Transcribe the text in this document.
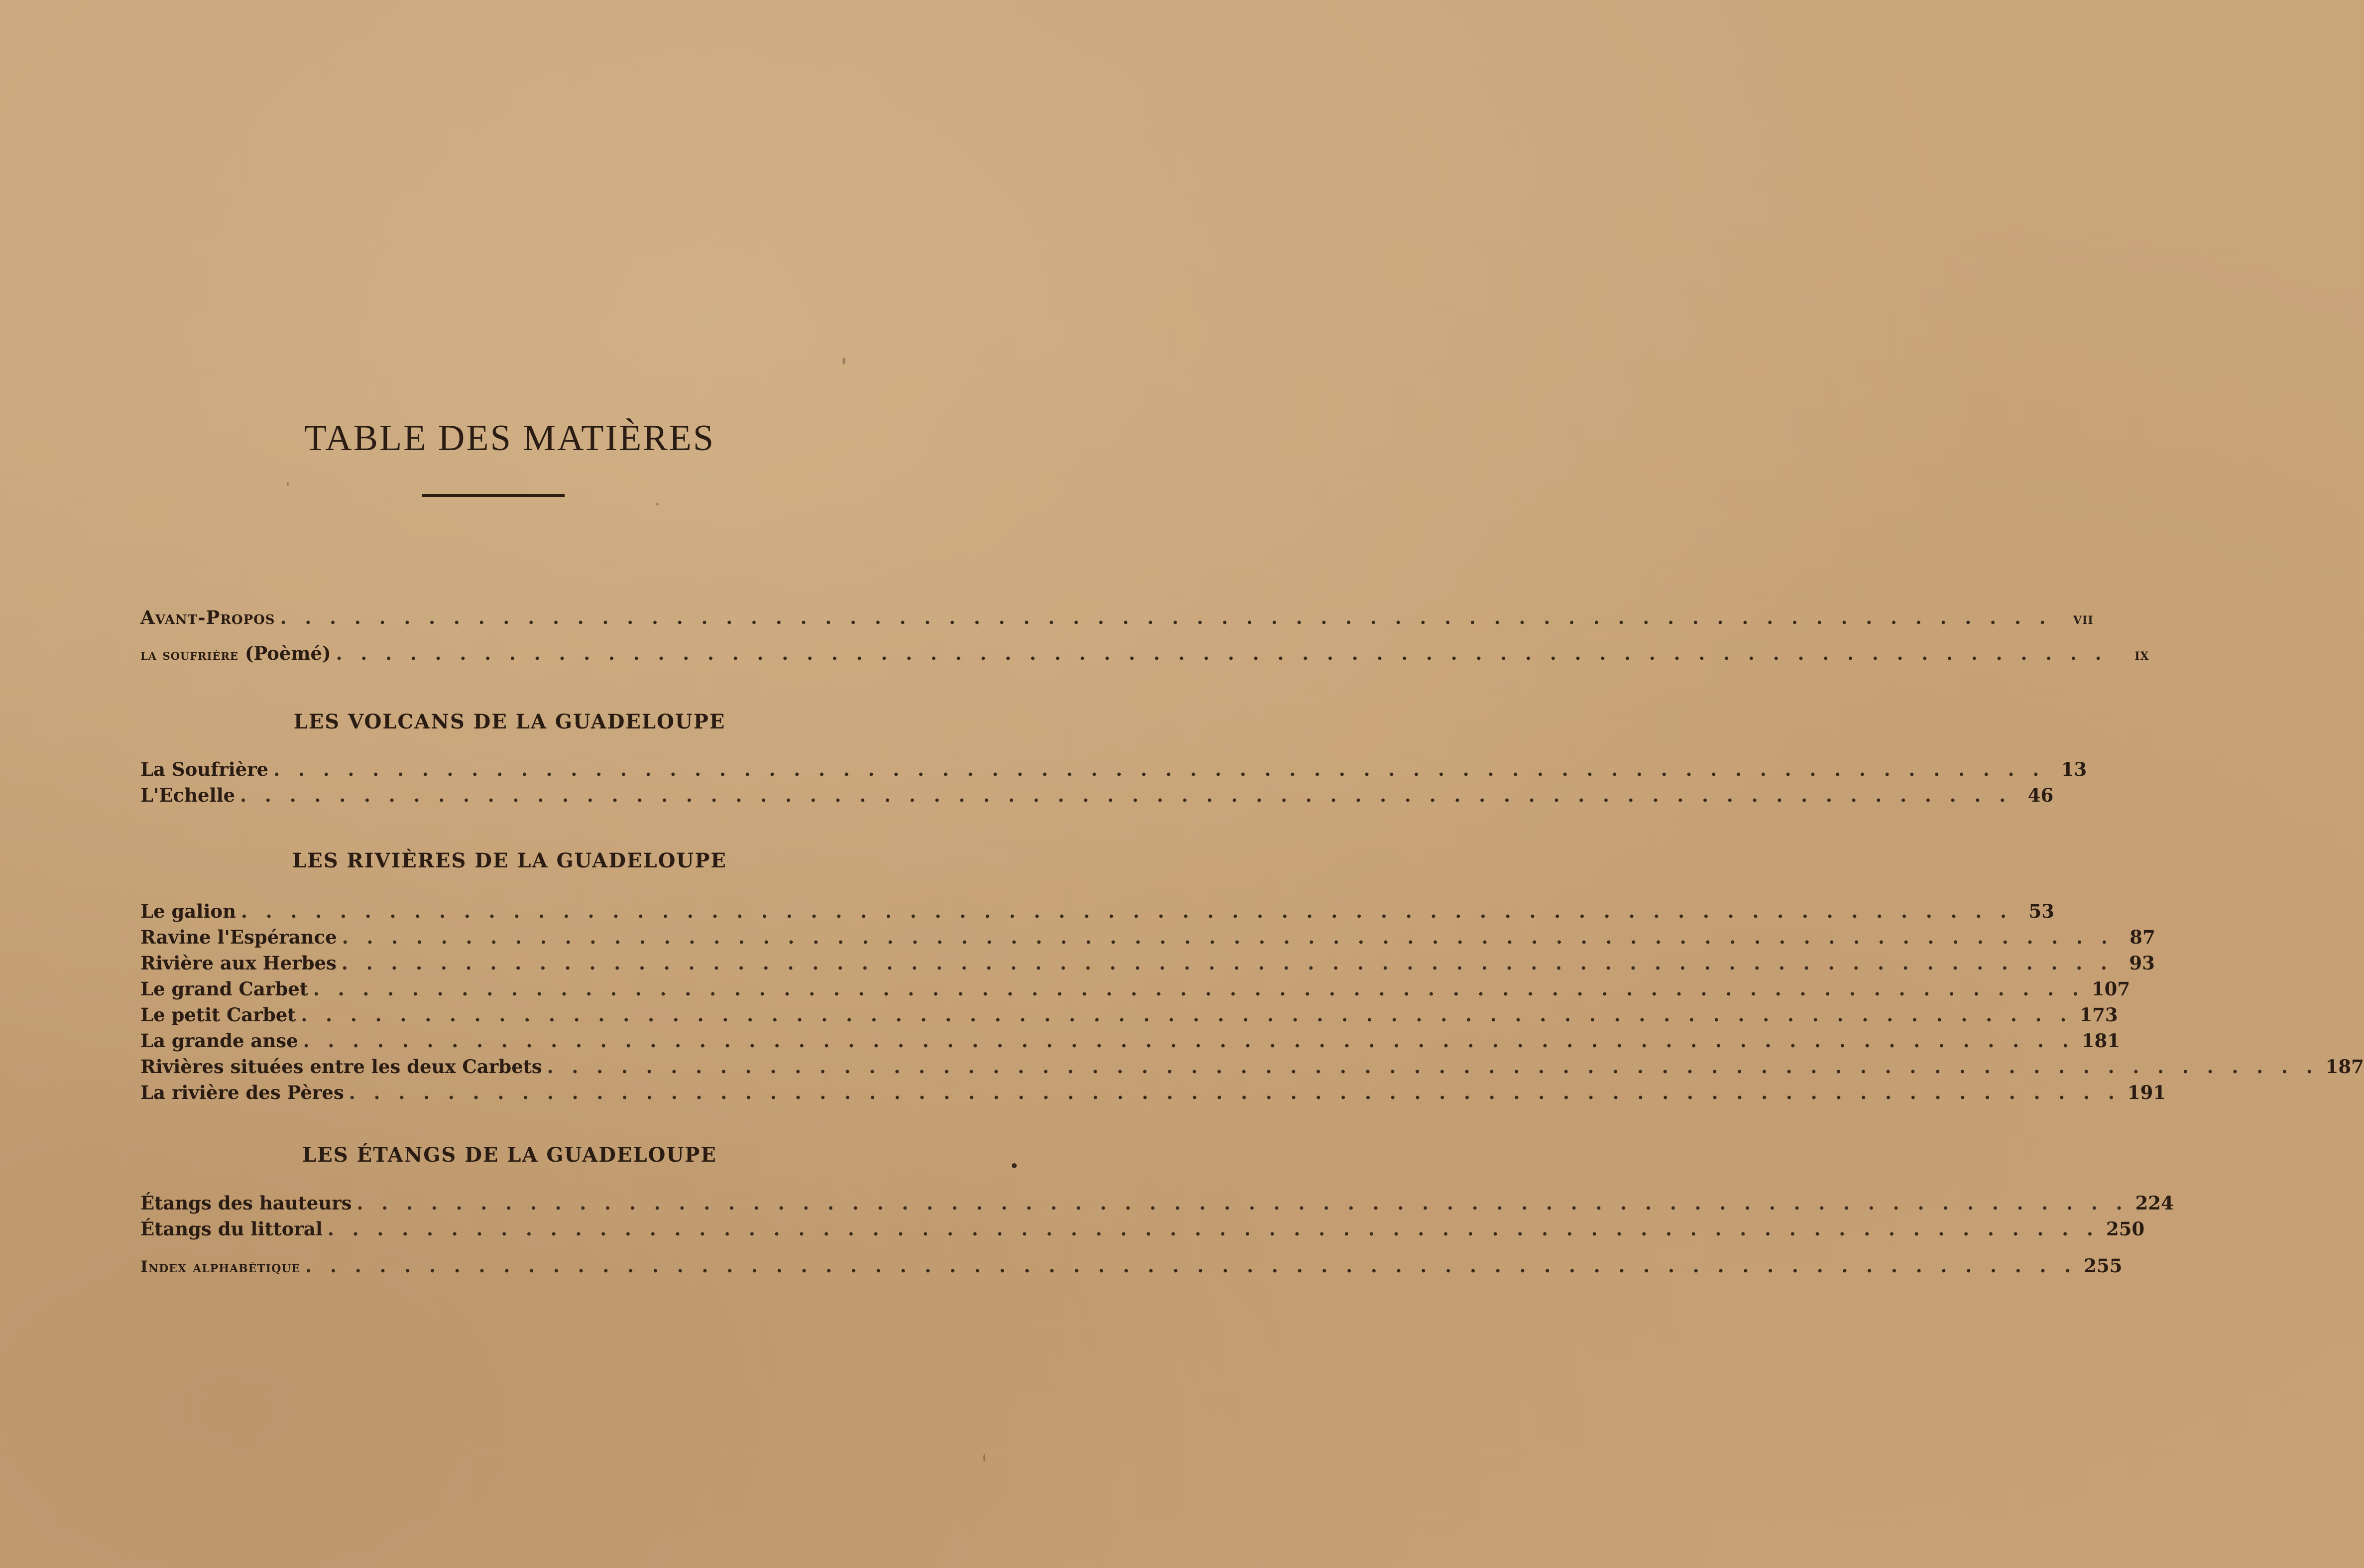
TABLE DES MATIÈRES
Avant-Propos . . . . . . . . . . . . . . . . . . . . . . . . . . . . . . . . . . . . . . . . . . . . . . . . . . . . . . . . . . . . . . . . . . . . . . . .	vii
la soufrière (Poèmé) . . . . . . . . . . . . . . . . . . . . . . . . . . . . . . . . . . . . . . . . . . . . . . . . . . . . . . . . . . . . . . . . . . . . . . . .	ix
LES VOLCANS DE LA GUADELOUPE
La Soufrière . . . . . . . . . . . . . . . . . . . . . . . . . . . . . . . . . . . . . . . . . . . . . . . . . . . . . . . . . . . . . . . . . . . . . . . . 13
L'Echelle . . . . . . . . . . . . . . . . . . . . . . . . . . . . . . . . . . . . . . . . . . . . . . . . . . . . . . . . . . . . . . . . . . . . . . . . 46
LES RIVIÈRES DE LA GUADELOUPE
Le galion . . . . . . . . . . . . . . . . . . . . . . . . . . . . . . . . . . . . . . . . . . . . . . . . . . . . . . . . . . . . . . . . . . . . . . . . 53
Ravine l'Espérance . . . . . . . . . . . . . . . . . . . . . . . . . . . . . . . . . . . . . . . . . . . . . . . . . . . . . . . . . . . . . . . . . . . . . . . . 87
Rivière aux Herbes . . . . . . . . . . . . . . . . . . . . . . . . . . . . . . . . . . . . . . . . . . . . . . . . . . . . . . . . . . . . . . . . . . . . . . . . 93
Le grand Carbet . . . . . . . . . . . . . . . . . . . . . . . . . . . . . . . . . . . . . . . . . . . . . . . . . . . . . . . . . . . . . . . . . . . . . . . . 107
Le petit Carbet . . . . . . . . . . . . . . . . . . . . . . . . . . . . . . . . . . . . . . . . . . . . . . . . . . . . . . . . . . . . . . . . . . . . . . . . 173
La grande anse . . . . . . . . . . . . . . . . . . . . . . . . . . . . . . . . . . . . . . . . . . . . . . . . . . . . . . . . . . . . . . . . . . . . . . . . 181
Rivières situées entre les deux Carbets . . . . . . . . . . . . . . . . . . . . . . . . . . . . . . . . . . . . . . . . . . . . . . . . . . . . . . . . . . . . . . . . . . . . . . . . 187
La rivière des Pères . . . . . . . . . . . . . . . . . . . . . . . . . . . . . . . . . . . . . . . . . . . . . . . . . . . . . . . . . . . . . . . . . . . . . . . . 191
LES ÉTANGS DE LA GUADELOUPE
Étangs des hauteurs . . . . . . . . . . . . . . . . . . . . . . . . . . . . . . . . . . . . . . . . . . . . . . . . . . . . . . . . . . . . . . . . . . . . . . . . 224
Étangs du littoral . . . . . . . . . . . . . . . . . . . . . . . . . . . . . . . . . . . . . . . . . . . . . . . . . . . . . . . . . . . . . . . . . . . . . . . . 250
Index alphabétique . . . . . . . . . . . . . . . . . . . . . . . . . . . . . . . . . . . . . . . . . . . . . . . . . . . . . . . . . . . . . . . . . . . . . . . . 255
